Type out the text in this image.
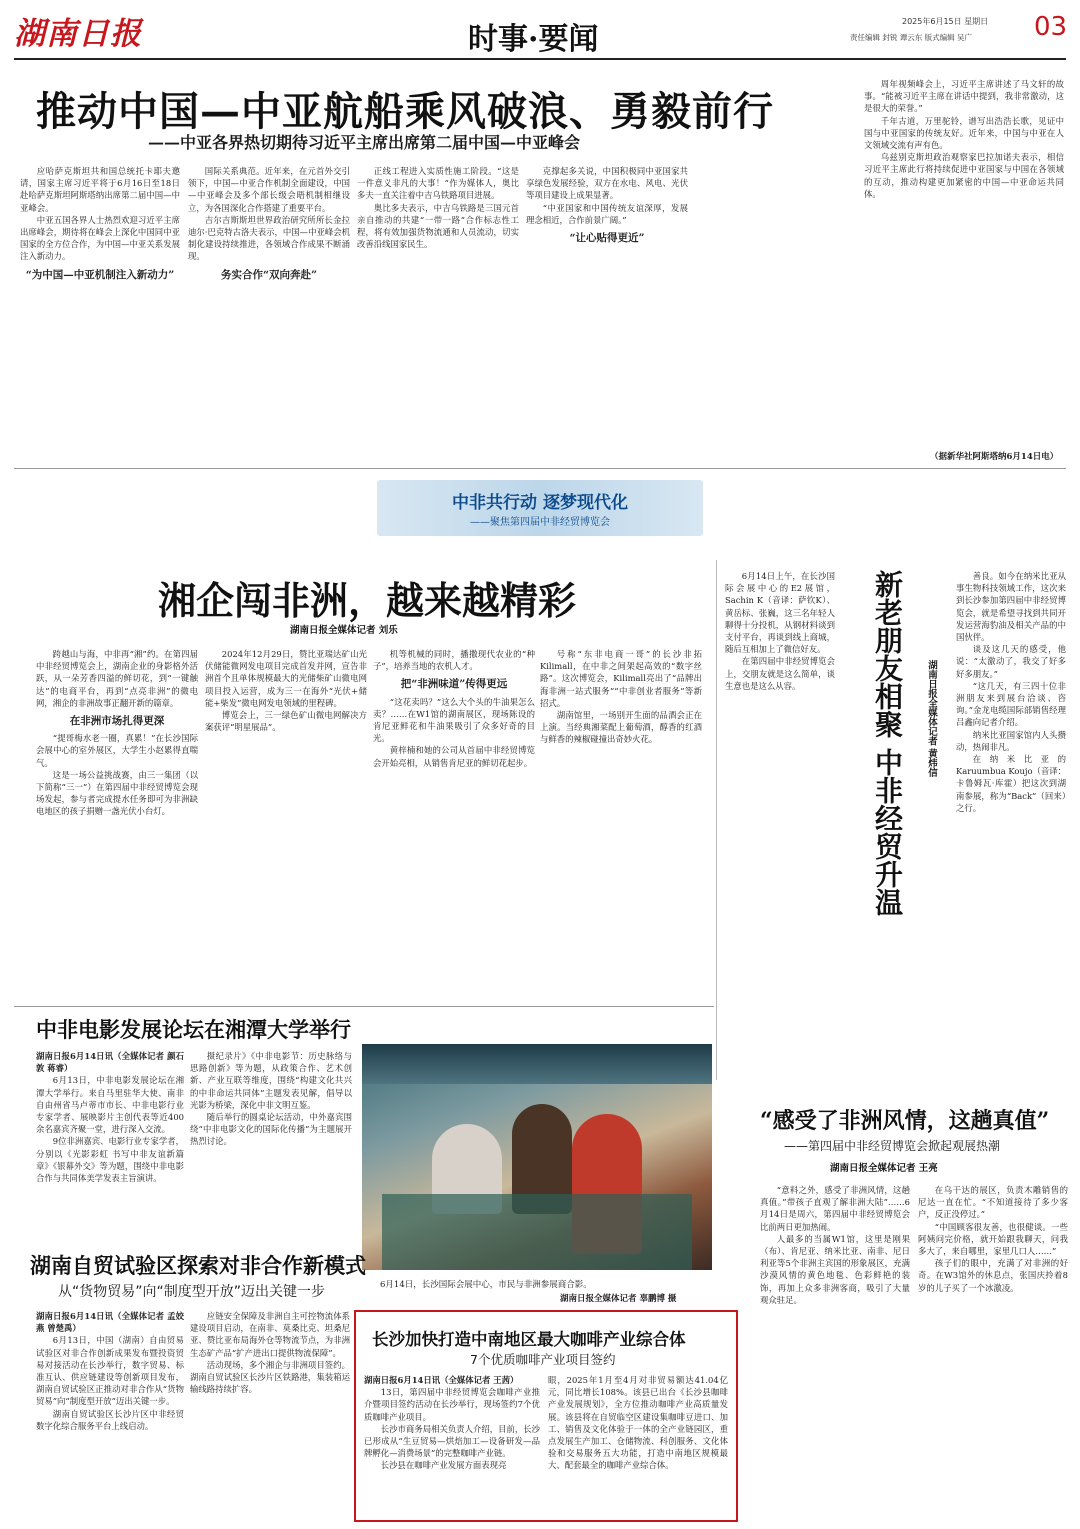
湖南日报	时事·要闻
2025年6月15日 星期日
责任编辑 封锐 谭云东 版式编辑 吴广 03
推动中国—中亚航船乘风破浪、勇毅前行
——中亚各界热切期待习近平主席出席第二届中国—中亚峰会

应哈萨克斯坦共和国总统托卡耶夫邀请，国家主席习近平将于6月16日至18日赴哈萨克斯坦阿斯塔纳出席第二届中国—中亚峰会。

中亚五国各界人士热烈欢迎习近平主席出席峰会，期待将在峰会上深化中国同中亚国家的全方位合作，为中国—中亚关系发展注入新动力。

“为中国—中亚机制注入新动力”

国际关系典范。近年来，在元首外交引领下，中国—中亚合作机制全面建设，中国—中亚峰会及多个部长级会晤机制相继设立，为各国深化合作搭建了重要平台。

吉尔吉斯斯坦世界政治研究所所长金拉迪尔·巴克特古洛夫表示，中国—中亚峰会机制化建设持续推进，各领域合作成果不断涌现。

务实合作“双向奔赴”

正线工程进入实质性施工阶段。“这是一件意义非凡的大事！”作为媒体人，奥比多夫一直关注着中吉乌铁路项目进展。

奥比多夫表示，中吉乌铁路是三国元首亲自推动的共建“一带一路”合作标志性工程，将有效加强货物流通和人员流动，切实改善沿线国家民生。

克撑起多关说，中国积极同中亚国家共享绿色发展经验，双方在水电、风电、光伏等项目建设上成果显著。

“中亚国家和中国传统友谊深厚，发展理念相近，合作前景广阔。”

“让心贴得更近”

周年视频峰会上，习近平主席讲述了马文轩的故事。“能被习近平主席在讲话中提到，我非常激动，这是很大的荣誉。”

千年古道，万里驼铃，谱写出浩浩长歌，见证中国与中亚国家的传统友好。近年来，中国与中亚在人文领域交流有声有色。

乌兹别克斯坦政治观察家巴拉加诺夫表示，相信习近平主席此行将持续促进中亚国家与中国在各领域的互动，推动构建更加紧密的中国—中亚命运共同体。

（据新华社阿斯塔纳6月14日电）
中非共行动 逐梦现代化
——聚焦第四届中非经贸博览会
湘企闯非洲，越来越精彩
湖南日报全媒体记者 刘乐

跨越山与海，中非再“湘”约。在第四届中非经贸博览会上，湖南企业的身影格外活跃，从一朵芳香四溢的鲜切花，到“一键触达”的电商平台，再到“点亮非洲”的微电网，湘企的非洲故事正翻开新的篇章。

在非洲市场扎得更深

“提哥梅水老一圈，真累！”在长沙国际会展中心的室外展区，大学生小赵累得直喘气。

这是一场公益挑战赛，由三一集团（以下简称“三一”）在第四届中非经贸博览会现场发起，参与者完成提水任务即可为非洲缺电地区的孩子捐赠一盏光伏小台灯。

2024年12月29日，赞比亚瑞达矿山光伏储能微网发电项目完成首发并网，宣告非洲首个且单体规模最大的光储柴矿山微电网项目投入运营，成为三一在海外“光伏+储能+柴发”微电网发电领域的里程碑。

博览会上，三一绿色矿山微电网解决方案获评“明星展品”。

机等机械的同时，播撒现代农业的“种子”，培养当地的农机人才。

把“非洲味道”传得更远

“这花卖吗？”这么大个头的牛油果怎么卖？……在W1馆的湖南展区，现场陈设的肯尼亚鲜花和牛油果吸引了众多好奇的目光。

黄梓楠和她的公司从首届中非经贸博览会开始亮相，从销售肯尼亚的鲜切花起步。

号称“东非电商一哥”的长沙非拓Kilimall，在中非之间架起高效的“数字丝路”。这次博览会，Kilimall亮出了“品牌出海非洲一站式服务”“中非创业者服务”等新招式。

湖南馆里，一场别开生面的品酒会正在上演。当经典湘菜配上葡萄酒，醇香的红酒与鲜香的辣椒碰撞出奇妙火花。

6月14日上午，在长沙国际会展中心的E2展馆，Sachin K（音译：萨钦K）、黄岳标、张巍，这三名年轻人聊得十分投机，从钢材料谈到支付平台，再谈到线上商城，随后互相加上了微信好友。

在第四届中非经贸博览会上，交朋友就是这么简单，谈生意也是这么从容。	新老朋友相聚 中非经贸升温 湖南日报全媒体记者 黄炜信

善良。如今在纳米比亚从事生物科技领域工作，这次来到长沙参加第四届中非经贸博览会，就是希望寻找到共同开发运营海豹油及相关产品的中国伙伴。

谈及这几天的感受，他说：“太激动了，我交了好多好多朋友。”

“这几天，有三四十位非洲朋友来到展台洽谈、咨询。”金龙电缆国际部销售经理吕鑫向记者介绍。

纳米比亚国家馆内人头攒动，热闹非凡。

在纳米比亚的Karuumbua Koujo（音译：卡鲁姆瓦·库霍）把这次到湖南参展，称为“Back”（回来）之行。

中非电影发展论坛在湘潭大学举行

湖南日报6月14日讯（全媒体记者 颜石敦 蒋睿）

6月13日，中非电影发展论坛在湘潭大学举行。来自马里驻华大使、南非自由州省马卢蒂市市长、中非电影行业专家学者、展映影片主创代表等近400余名嘉宾齐聚一堂，进行深入交流。

9位非洲嘉宾、电影行业专家学者，分别以《光影彩虹 书写中非友谊新篇章》《银幕外交》等为题，围绕中非电影合作与共同体美学发表主旨演讲。

摄纪录片》《中非电影节：历史脉络与思路创新》等为题，从政策合作、艺术创新、产业互联等维度，围绕“构建文化共兴的中非命运共同体”主题发表见解，倡导以光影为桥梁，深化中非文明互鉴。

随后举行的圆桌论坛活动，中外嘉宾围绕“中非电影文化的国际化传播”为主题展开热烈讨论。

6月14日，长沙国际会展中心，市民与非洲参展商合影。
湖南日报全媒体记者 辜鹏博 摄
湖南自贸试验区探索对非合作新模式
从“货物贸易”向“制度型开放”迈出关键一步

湖南日报6月14日讯（全媒体记者 孟姣燕 曾楚禹）

6月13日，中国（湖南）自由贸易试验区对非合作创新成果发布暨投资贸易对接活动在长沙举行，数字贸易、标准互认、供应链建设等创新项目发布，湖南自贸试验区正推动对非合作从“货物贸易”向“制度型开放”迈出关键一步。

湖南自贸试验区长沙片区中非经贸数字化综合服务平台上线启动。

应链安全保障及非洲自主可控物流体系建设项目启动，在南非、莫桑比克、坦桑尼亚、赞比亚布局海外仓等物流节点，为非洲生态矿产品“扩产进出口提供物流保障”。

活动现场，多个湘企与非洲项目签约。湖南自贸试验区长沙片区铁路港，集装箱运输线路持续扩容。

长沙加快打造中南地区最大咖啡产业综合体
7个优质咖啡产业项目签约

湖南日报6月14日讯（全媒体记者 王茜）

13日，第四届中非经贸博览会咖啡产业推介暨项目签约活动在长沙举行，现场签约7个优质咖啡产业项目。

长沙市商务局相关负责人介绍，目前，长沙已形成从“生豆贸易—烘焙加工—设备研发—品牌孵化—消费场景”的完整咖啡产业链。

长沙县在咖啡产业发展方面表现亮

眼，2025年1月至4月对非贸易额达41.04亿元，同比增长108%。该县已出台《长沙县咖啡产业发展规划》，全方位推动咖啡产业高质量发展。该县将在自贸临空区建设集咖啡豆进口、加工、销售及文化体验于一体的全产业链园区，重点发展生产加工、仓储物流、科创服务、文化体验和交易服务五大功能，打造中南地区规模最大、配套最全的咖啡产业综合体。

“感受了非洲风情，这趟真值”
——第四届中非经贸博览会掀起观展热潮
湖南日报全媒体记者 王亮

“意料之外，感受了非洲风情，这趟真值。”带孩子直观了解非洲大陆”……6月14日是周六，第四届中非经贸博览会比前两日更加热闹。

人最多的当属W1馆，这里是刚果（布）、肯尼亚、纳米比亚、南非、尼日利亚等5个非洲主宾国的形象展区，充满沙漠风情的黄色地毯、色彩鲜艳的装饰，再加上众多非洲客商，吸引了大量观众驻足。

在乌干达的展区，负责木雕销售的尼达一直在忙。“不知道接待了多少客户，反正没停过。”

“中国顾客很友善，也很健谈。一些阿姨问完价格，就开始跟我聊天，问我多大了，来自哪里，家里几口人……”

孩子们的眼中，充满了对非洲的好奇。在W3馆外的休息点，张国庆拎着8岁的儿子买了一个冰激凌。
